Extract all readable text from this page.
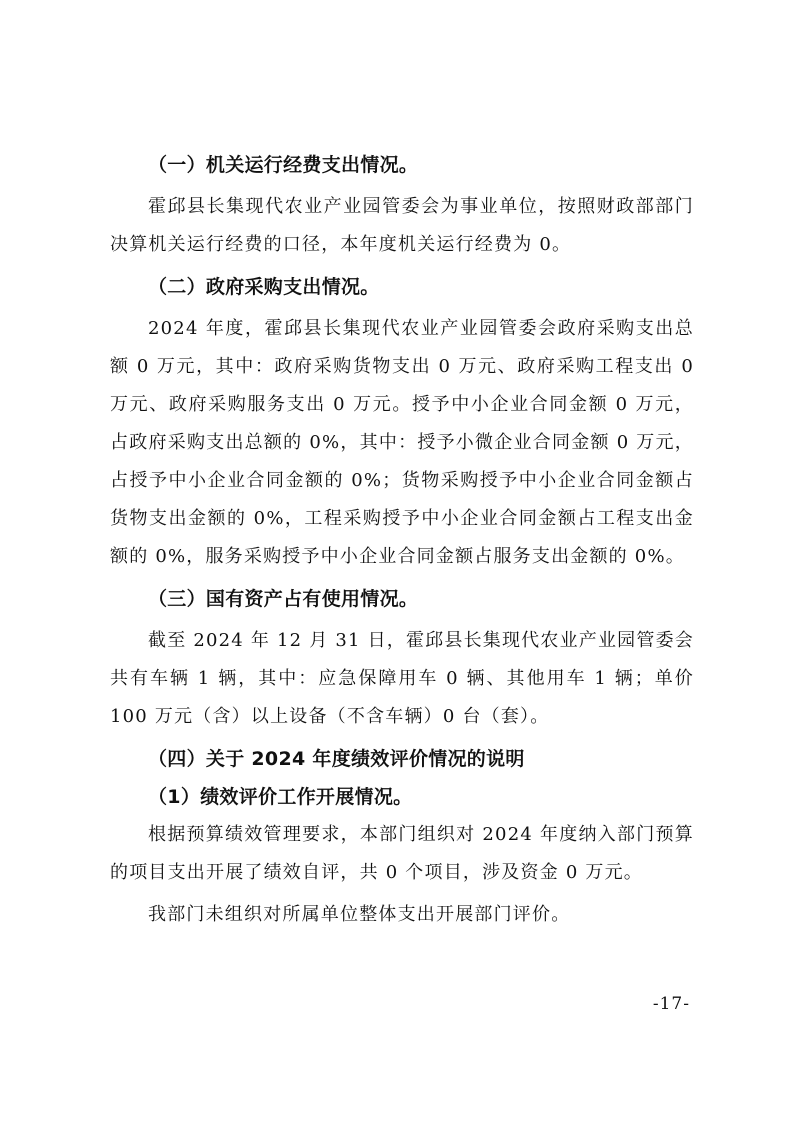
（一）机关运行经费支出情况。

霍邱县长集现代农业产业园管委会为事业单位，按照财政部部门决算机关运行经费的口径，本年度机关运行经费为 0。

（二）政府采购支出情况。

2024 年度，霍邱县长集现代农业产业园管委会政府采购支出总额 0 万元，其中：政府采购货物支出 0 万元、政府采购工程支出 0 万元、政府采购服务支出 0 万元。授予中小企业合同金额 0 万元，占政府采购支出总额的 0%，其中：授予小微企业合同金额 0 万元，占授予中小企业合同金额的 0%；货物采购授予中小企业合同金额占货物支出金额的 0%，工程采购授予中小企业合同金额占工程支出金额的 0%，服务采购授予中小企业合同金额占服务支出金额的 0%。

（三）国有资产占有使用情况。

截至 2024 年 12 月 31 日，霍邱县长集现代农业产业园管委会共有车辆 1 辆，其中：应急保障用车 0 辆、其他用车 1 辆；单价 100 万元（含）以上设备（不含车辆）0 台（套）。

（四）关于 2024 年度绩效评价情况的说明

（1）绩效评价工作开展情况。

根据预算绩效管理要求，本部门组织对 2024 年度纳入部门预算的项目支出开展了绩效自评，共 0 个项目，涉及资金 0 万元。

我部门未组织对所属单位整体支出开展部门评价。

-17-
